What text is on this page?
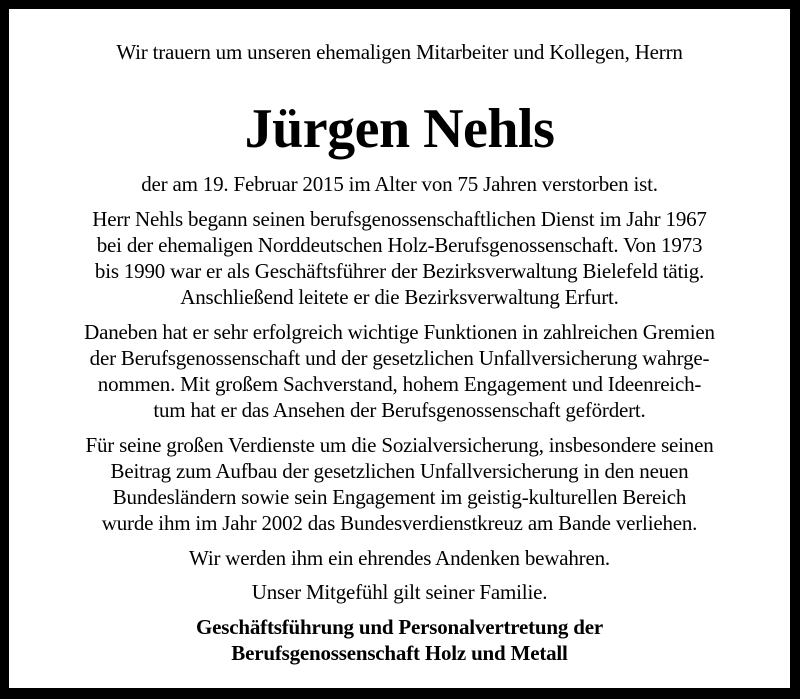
Wir trauern um unseren ehemaligen Mitarbeiter und Kollegen, Herrn
Jürgen Nehls
der am 19. Februar 2015 im Alter von 75 Jahren verstorben ist.
Herr Nehls begann seinen berufsgenossenschaftlichen Dienst im Jahr 1967
bei der ehemaligen Norddeutschen Holz-Berufsgenossenschaft. Von 1973
bis 1990 war er als Geschäftsführer der Bezirksverwaltung Bielefeld tätig.
Anschließend leitete er die Bezirksverwaltung Erfurt.
Daneben hat er sehr erfolgreich wichtige Funktionen in zahlreichen Gremien
der Berufsgenossenschaft und der gesetzlichen Unfallversicherung wahrge-
nommen. Mit großem Sachverstand, hohem Engagement und Ideenreich-
tum hat er das Ansehen der Berufsgenossenschaft gefördert.
Für seine großen Verdienste um die Sozialversicherung, insbesondere seinen
Beitrag zum Aufbau der gesetzlichen Unfallversicherung in den neuen
Bundesländern sowie sein Engagement im geistig-kulturellen Bereich
wurde ihm im Jahr 2002 das Bundesverdienstkreuz am Bande verliehen.
Wir werden ihm ein ehrendes Andenken bewahren.
Unser Mitgefühl gilt seiner Familie.
Geschäftsführung und Personalvertretung der
Berufsgenossenschaft Holz und Metall
